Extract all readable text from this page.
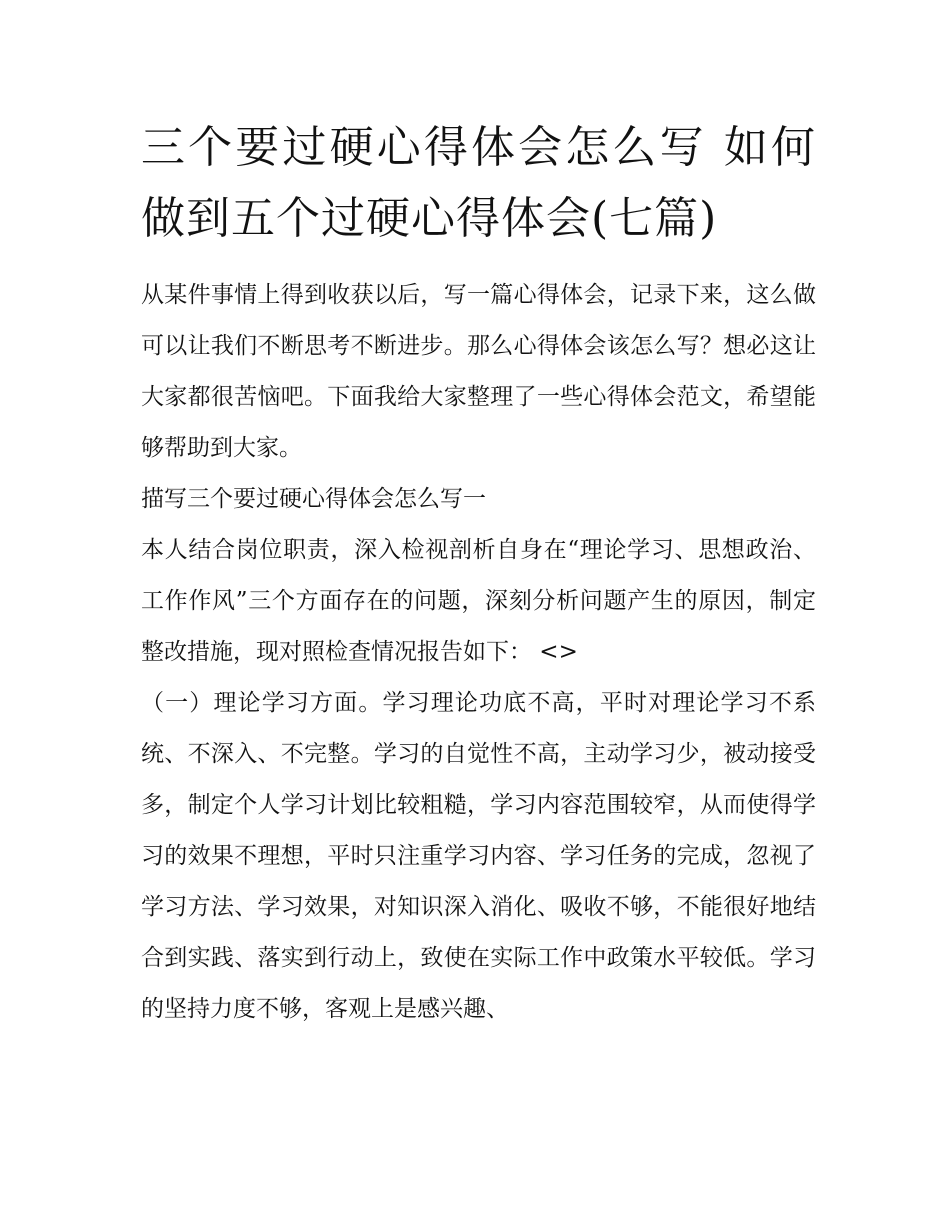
三个要过硬心得体会怎么写 如何做到五个过硬心得体会(七篇)

从某件事情上得到收获以后，写一篇心得体会，记录下来，这么做可以让我们不断思考不断进步。那么心得体会该怎么写？想必这让大家都很苦恼吧。下面我给大家整理了一些心得体会范文，希望能够帮助到大家。

描写三个要过硬心得体会怎么写一

本人结合岗位职责，深入检视剖析自身在“理论学习、思想政治、工作作风”三个方面存在的问题，深刻分析问题产生的原因，制定整改措施，现对照检查情况报告如下： <>

（一）理论学习方面。学习理论功底不高，平时对理论学习不系统、不深入、不完整。学习的自觉性不高，主动学习少，被动接受多，制定个人学习计划比较粗糙，学习内容范围较窄，从而使得学习的效果不理想，平时只注重学习内容、学习任务的完成，忽视了学习方法、学习效果，对知识深入消化、吸收不够，不能很好地结合到实践、落实到行动上，致使在实际工作中政策水平较低。学习的坚持力度不够，客观上是感兴趣、
